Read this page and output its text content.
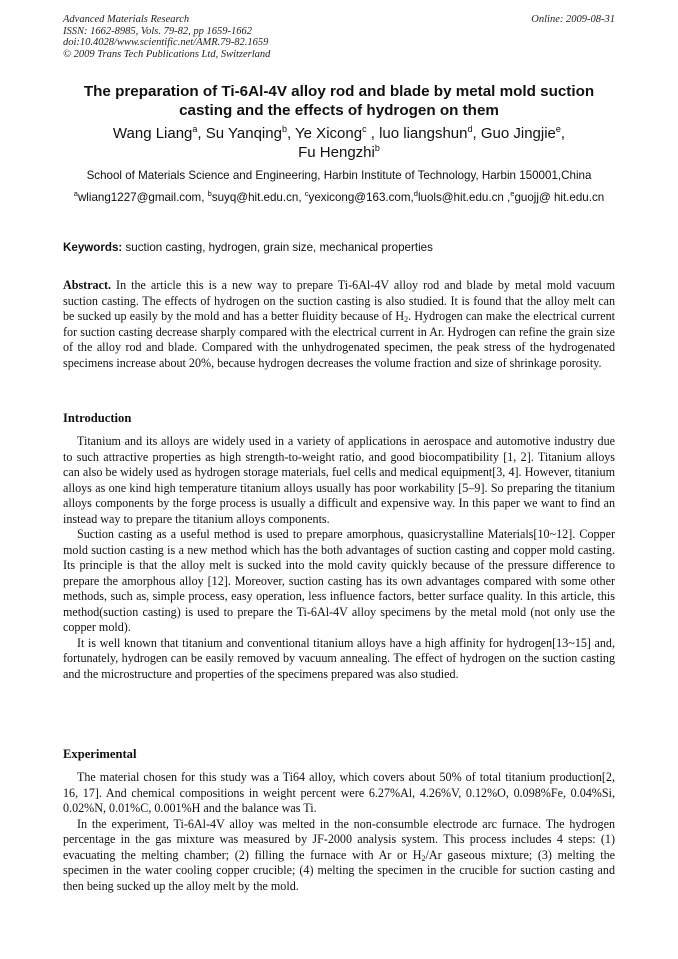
Advanced Materials Research
ISSN: 1662-8985, Vols. 79-82, pp 1659-1662
doi:10.4028/www.scientific.net/AMR.79-82.1659
© 2009 Trans Tech Publications Ltd, Switzerland
Online: 2009-08-31
The preparation of Ti-6Al-4V alloy rod and blade by metal mold suction casting and the effects of hydrogen on them
Wang Liang$^a$, Su Yanqing$^b$, Ye Xicong$^c$ , luo liangshun$^d$, Guo Jingjie$^e$,
Fu Hengzhi$^b$
School of Materials Science and Engineering, Harbin Institute of Technology, Harbin 150001,China
$^a$wliang1227@gmail.com, $^b$suyq@hit.edu.cn, $^c$yexicong@163.com,$^d$luols@hit.edu.cn ,$^e$guojj@ hit.edu.cn
Keywords: suction casting, hydrogen, grain size, mechanical properties

Abstract. In the article this is a new way to prepare Ti-6Al-4V alloy rod and blade by metal mold vacuum suction casting. The effects of hydrogen on the suction casting is also studied. It is found that the alloy melt can be sucked up easily by the mold and has a better fluidity because of $H_2$. Hydrogen can make the electrical current for suction casting decrease sharply compared with the electrical current in Ar. Hydrogen can refine the grain size of the alloy rod and blade. Compared with the unhydrogenated specimen, the peak stress of the hydrogenated specimens increase about 20%, because hydrogen decreases the volume fraction and size of shrinkage porosity.

Introduction

Titanium and its alloys are widely used in a variety of applications in aerospace and automotive industry due to such attractive properties as high strength-to-weight ratio, and good biocompatibility [1, 2]. Titanium alloys can also be widely used as hydrogen storage materials, fuel cells and medical equipment[3, 4]. However, titanium alloys as one kind high temperature titanium alloys usually has poor workability [5–9]. So preparing the titanium alloys components by the forge process is usually a difficult and expensive way. In this paper we want to find an instead way to prepare the titanium alloys components.

Suction casting as a useful method is used to prepare amorphous, quasicrystalline Materials[10~12]. Copper mold suction casting is a new method which has the both advantages of suction casting and copper mold casting. Its principle is that the alloy melt is sucked into the mold cavity quickly because of the pressure difference to prepare the amorphous alloy [12]. Moreover, suction casting has its own advantages compared with some other methods, such as, simple process, easy operation, less influence factors, better surface quality. In this article, this method(suction casting) is used to prepare the Ti-6Al-4V alloy specimens by the metal mold (not only use the copper mold).

It is well known that titanium and conventional titanium alloys have a high affinity for hydrogen[13~15] and, fortunately, hydrogen can be easily removed by vacuum annealing. The effect of hydrogen on the suction casting and the microstructure and properties of the specimens prepared was also studied.

Experimental

The material chosen for this study was a Ti64 alloy, which covers about 50% of total titanium production[2, 16, 17]. And chemical compositions in weight percent were 6.27%Al, 4.26%V, 0.12%O, 0.098%Fe, 0.04%Si, 0.02%N, 0.01%C, 0.001%H and the balance was Ti.

In the experiment, Ti-6Al-4V alloy was melted in the non-consumble electrode arc furnace. The hydrogen percentage in the gas mixture was measured by JF-2000 analysis system. This process includes 4 steps: (1) evacuating the melting chamber; (2) filling the furnace with Ar or $H_2/Ar$ gaseous mixture; (3) melting the specimen in the water cooling copper crucible; (4) melting the specimen in the crucible for suction casting and then being sucked up the alloy melt by the mold.
